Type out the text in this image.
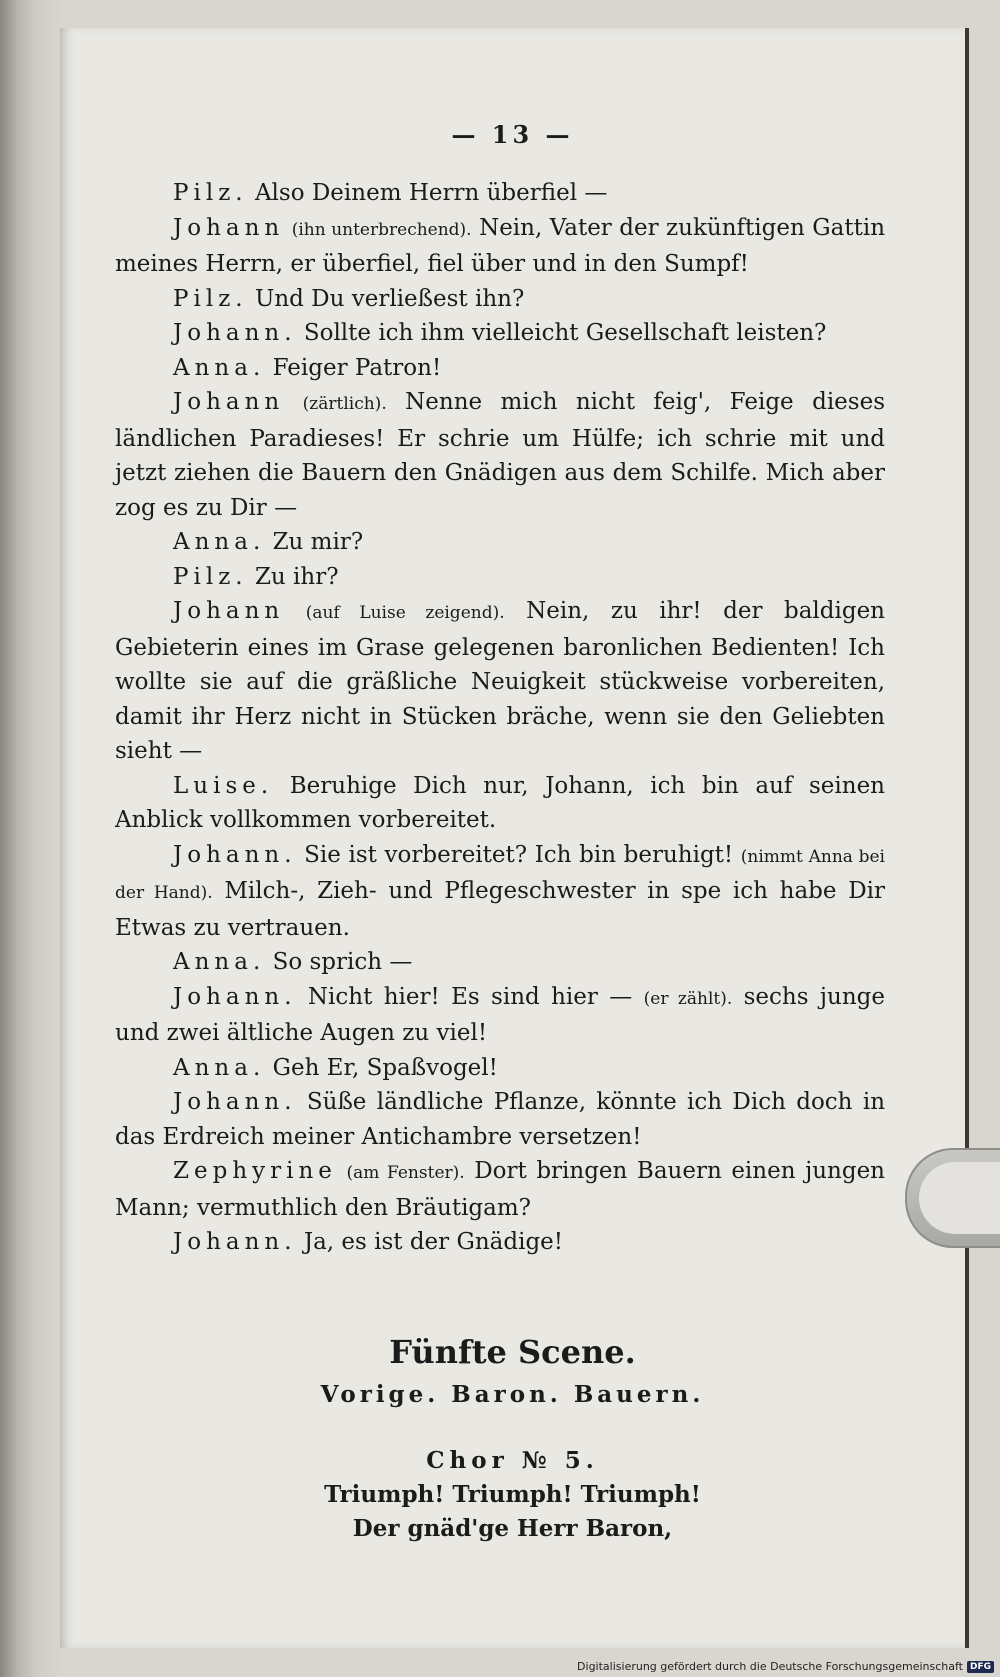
— 13 —

Pilz. Also Deinem Herrn überfiel —

Johann (ihn unterbrechend). Nein, Vater der zukünftigen Gattin meines Herrn, er überfiel, fiel über und in den Sumpf!

Pilz. Und Du verließest ihn?

Johann. Sollte ich ihm vielleicht Gesellschaft leisten?

Anna. Feiger Patron!

Johann (zärtlich). Nenne mich nicht feig', Feige dieses ländlichen Paradieses! Er schrie um Hülfe; ich schrie mit und jetzt ziehen die Bauern den Gnädigen aus dem Schilfe. Mich aber zog es zu Dir —

Anna. Zu mir?

Pilz. Zu ihr?

Johann (auf Luise zeigend). Nein, zu ihr! der baldigen Gebieterin eines im Grase gelegenen baronlichen Bedienten! Ich wollte sie auf die gräßliche Neuigkeit stückweise vorbereiten, damit ihr Herz nicht in Stücken bräche, wenn sie den Geliebten sieht —

Luise. Beruhige Dich nur, Johann, ich bin auf seinen Anblick vollkommen vorbereitet.

Johann. Sie ist vorbereitet? Ich bin beruhigt! (nimmt Anna bei der Hand). Milch-, Zieh- und Pflegeschwester in spe ich habe Dir Etwas zu vertrauen.

Anna. So sprich —

Johann. Nicht hier! Es sind hier — (er zählt). sechs junge und zwei ältliche Augen zu viel!

Anna. Geh Er, Spaßvogel!

Johann. Süße ländliche Pflanze, könnte ich Dich doch in das Erdreich meiner Antichambre versetzen!

Zephyrine (am Fenster). Dort bringen Bauern einen jungen Mann; vermuthlich den Bräutigam?

Johann. Ja, es ist der Gnädige!

Fünfte Scene.

Vorige. Baron. Bauern.

Chor № 5.

Triumph! Triumph! Triumph!

Der gnäd'ge Herr Baron,

Digitalisierung gefördert durch die Deutsche Forschungsgemeinschaft DFG
